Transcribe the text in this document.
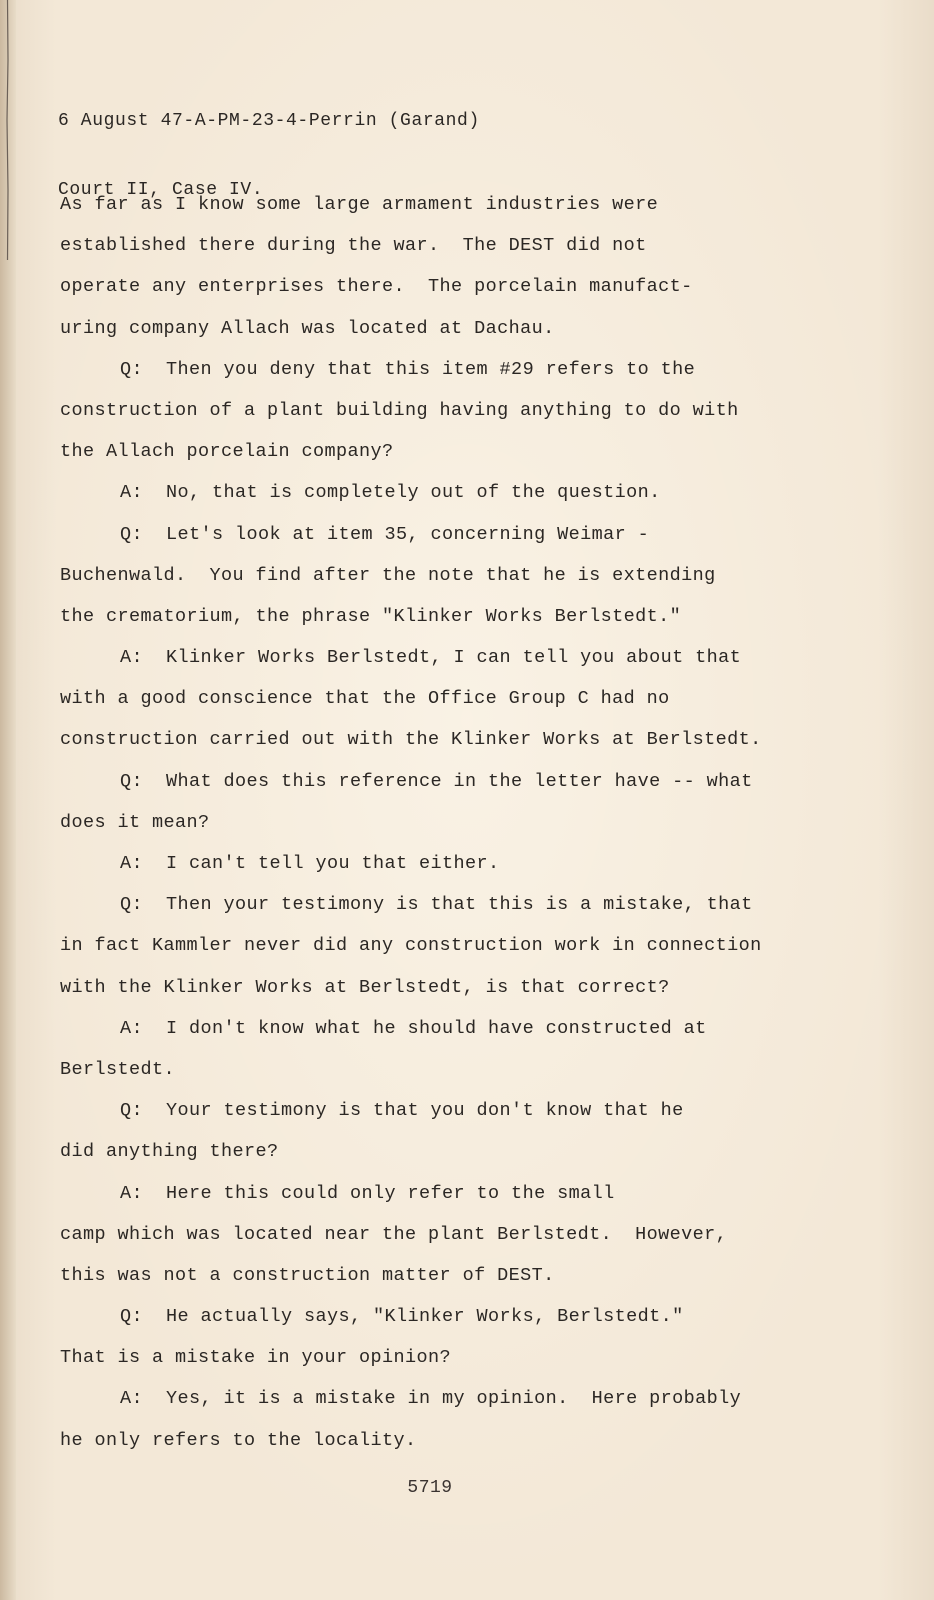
6 August 47-A-PM-23-4-Perrin (Garand)

Court II, Case IV.

As far as I know some large armament industries were
established there during the war.  The DEST did not
operate any enterprises there.  The porcelain manufact-
uring company Allach was located at Dachau.
Q:  Then you deny that this item #29 refers to the
construction of a plant building having anything to do with
the Allach porcelain company?
A:  No, that is completely out of the question.
Q:  Let's look at item 35, concerning Weimar -
Buchenwald.  You find after the note that he is extending
the crematorium, the phrase "Klinker Works Berlstedt."
A:  Klinker Works Berlstedt, I can tell you about that
with a good conscience that the Office Group C had no
construction carried out with the Klinker Works at Berlstedt.
Q:  What does this reference in the letter have -- what
does it mean?
A:  I can't tell you that either.
Q:  Then your testimony is that this is a mistake, that
in fact Kammler never did any construction work in connection
with the Klinker Works at Berlstedt, is that correct?
A:  I don't know what he should have constructed at
Berlstedt.
Q:  Your testimony is that you don't know that he
did anything there?
A:  Here this could only refer to the small
camp which was located near the plant Berlstedt.  However,
this was not a construction matter of DEST.
Q:  He actually says, "Klinker Works, Berlstedt."
That is a mistake in your opinion?
A:  Yes, it is a mistake in my opinion.  Here probably
he only refers to the locality.
5719
